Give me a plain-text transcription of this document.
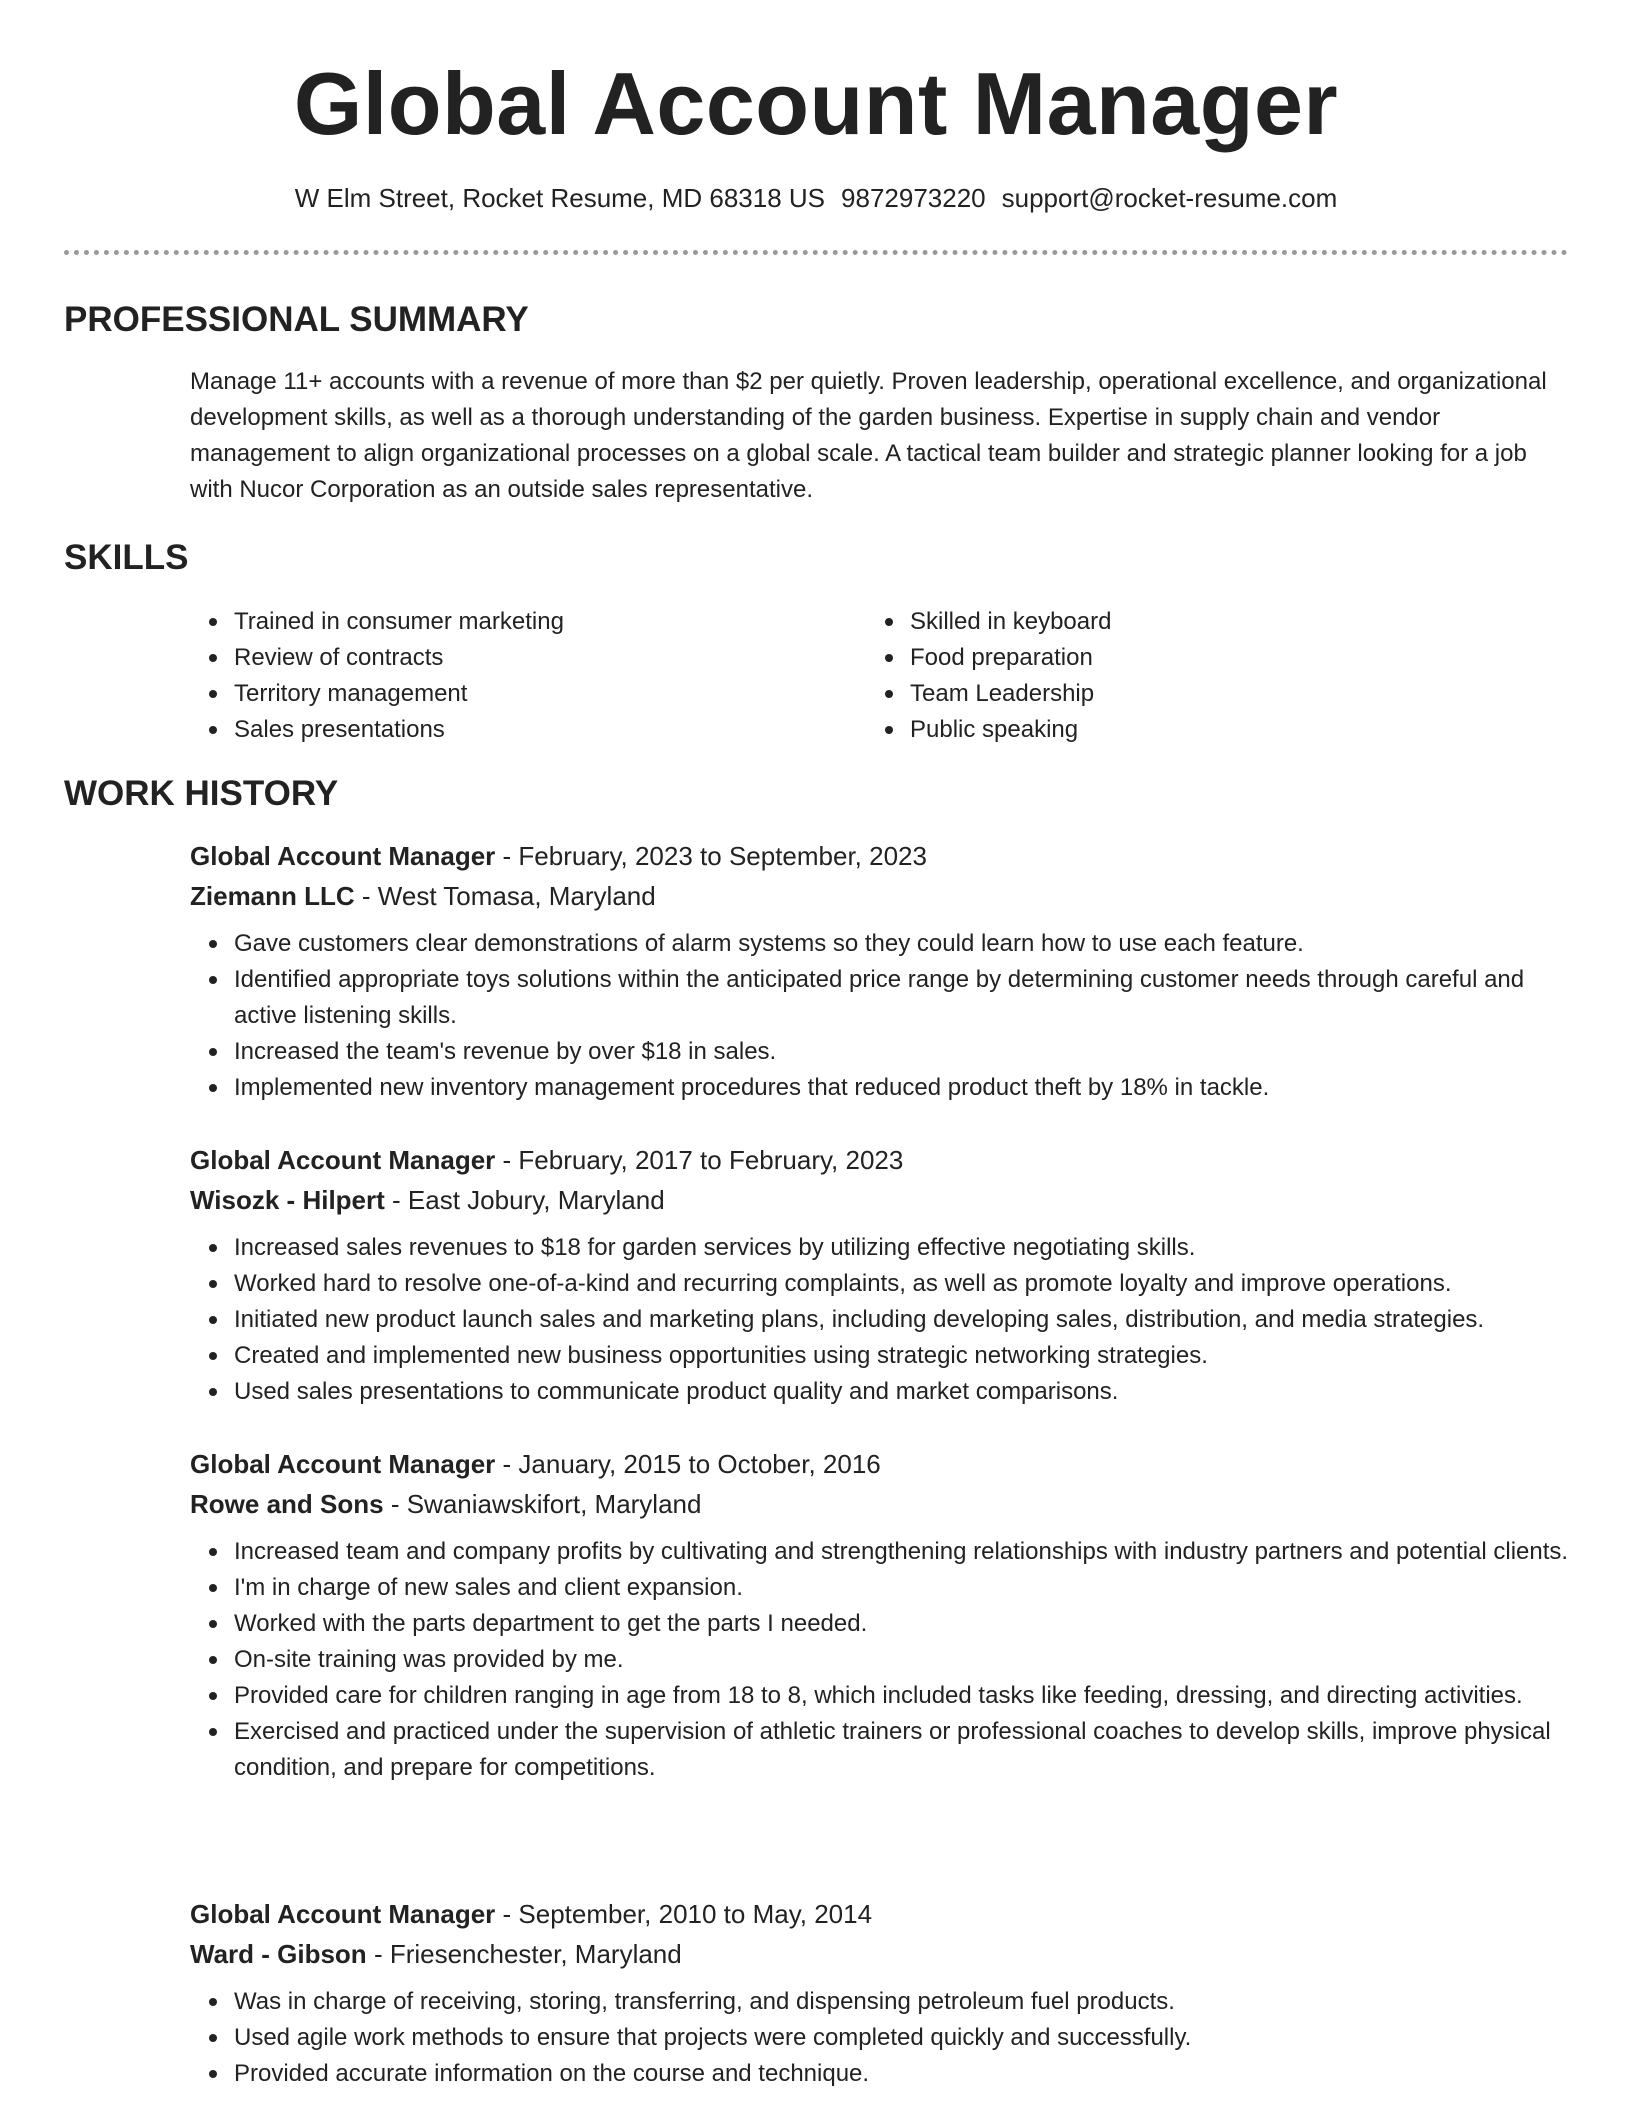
Global Account Manager
W Elm Street, Rocket Resume, MD 68318 US 9872973220 support@rocket-resume.com
PROFESSIONAL SUMMARY
Manage 11+ accounts with a revenue of more than $2 per quietly. Proven leadership, operational excellence, and organizational development skills, as well as a thorough understanding of the garden business. Expertise in supply chain and vendor management to align organizational processes on a global scale. A tactical team builder and strategic planner looking for a job with Nucor Corporation as an outside sales representative.
SKILLS
Trained in consumer marketing
Review of contracts
Territory management
Sales presentations
Skilled in keyboard
Food preparation
Team Leadership
Public speaking
WORK HISTORY
Global Account Manager - February, 2023 to September, 2023
Ziemann LLC - West Tomasa, Maryland
Gave customers clear demonstrations of alarm systems so they could learn how to use each feature.
Identified appropriate toys solutions within the anticipated price range by determining customer needs through careful and active listening skills.
Increased the team's revenue by over $18 in sales.
Implemented new inventory management procedures that reduced product theft by 18% in tackle.
Global Account Manager - February, 2017 to February, 2023
Wisozk - Hilpert - East Jobury, Maryland
Increased sales revenues to $18 for garden services by utilizing effective negotiating skills.
Worked hard to resolve one-of-a-kind and recurring complaints, as well as promote loyalty and improve operations.
Initiated new product launch sales and marketing plans, including developing sales, distribution, and media strategies.
Created and implemented new business opportunities using strategic networking strategies.
Used sales presentations to communicate product quality and market comparisons.
Global Account Manager - January, 2015 to October, 2016
Rowe and Sons - Swaniawskifort, Maryland
Increased team and company profits by cultivating and strengthening relationships with industry partners and potential clients.
I'm in charge of new sales and client expansion.
Worked with the parts department to get the parts I needed.
On-site training was provided by me.
Provided care for children ranging in age from 18 to 8, which included tasks like feeding, dressing, and directing activities.
Exercised and practiced under the supervision of athletic trainers or professional coaches to develop skills, improve physical condition, and prepare for competitions.
Global Account Manager - September, 2010 to May, 2014
Ward - Gibson - Friesenchester, Maryland
Was in charge of receiving, storing, transferring, and dispensing petroleum fuel products.
Used agile work methods to ensure that projects were completed quickly and successfully.
Provided accurate information on the course and technique.
